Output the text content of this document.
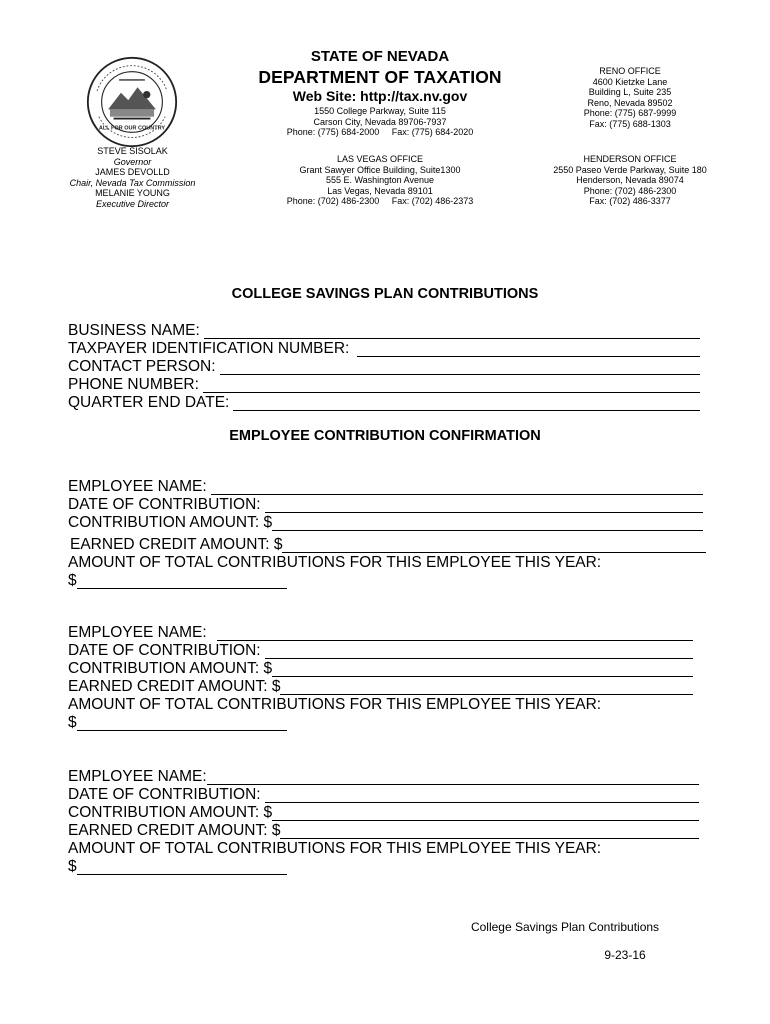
ALL FOR OUR COUNTRY
STATE OF NEVADA
DEPARTMENT OF TAXATION
Web Site: http://tax.nv.gov
1550 College Parkway, Suite 115
Carson City, Nevada 89706-7937
Phone: (775) 684-2000     Fax: (775) 684-2020
RENO OFFICE
4600 Kietzke Lane
Building L, Suite 235
Reno, Nevada 89502
Phone: (775) 687-9999
Fax: (775) 688-1303
STEVE SISOLAK
Governor
JAMES DEVOLLD
Chair, Nevada Tax Commission
MELANIE YOUNG
Executive Director
LAS VEGAS OFFICE
Grant Sawyer Office Building, Suite1300
555 E. Washington Avenue
Las Vegas, Nevada 89101
Phone: (702) 486-2300     Fax: (702) 486-2373
HENDERSON OFFICE
2550 Paseo Verde Parkway, Suite 180
Henderson, Nevada 89074
Phone: (702) 486-2300
Fax: (702) 486-3377
COLLEGE SAVINGS PLAN CONTRIBUTIONS
BUSINESS NAME:
TAXPAYER IDENTIFICATION NUMBER:
CONTACT PERSON:
PHONE NUMBER:
QUARTER END DATE:
EMPLOYEE CONTRIBUTION CONFIRMATION
EMPLOYEE NAME:
DATE OF CONTRIBUTION:
CONTRIBUTION AMOUNT: $
EARNED CREDIT AMOUNT: $
AMOUNT OF TOTAL CONTRIBUTIONS FOR THIS EMPLOYEE THIS YEAR:
$
EMPLOYEE NAME:
DATE OF CONTRIBUTION:
CONTRIBUTION AMOUNT: $
EARNED CREDIT AMOUNT: $
AMOUNT OF TOTAL CONTRIBUTIONS FOR THIS EMPLOYEE THIS YEAR:
$
EMPLOYEE NAME:
DATE OF CONTRIBUTION:
CONTRIBUTION AMOUNT: $
EARNED CREDIT AMOUNT: $
AMOUNT OF TOTAL CONTRIBUTIONS FOR THIS EMPLOYEE THIS YEAR:
$
College Savings Plan Contributions
9-23-16
